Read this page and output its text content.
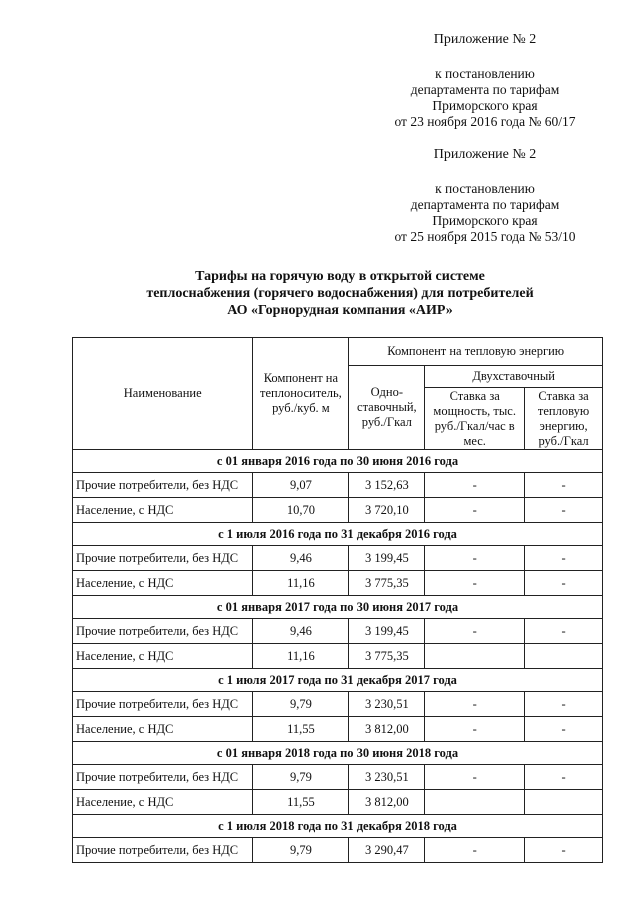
Приложение № 2
к постановлению
департамента по тарифам
Приморского края
от 23 ноября 2016 года № 60/17
Приложение № 2
к постановлению
департамента по тарифам
Приморского края
от 25 ноября 2015 года № 53/10
Тарифы на горячую воду в открытой системе
теплоснабжения (горячего водоснабжения) для потребителей
АО «Горнорудная компания «АИР»
Наименование	Компонент на теплоноситель, руб./куб. м	Компонент на тепловую энергию		
		Одно-ставочный, руб./Гкал	Двухставочный	
			Ставка за мощность, тыс. руб./Гкал/час в мес.	Ставка за тепловую энергию, руб./Гкал
с 01 января 2016 года по 30 июня 2016 года				
Прочие потребители, без НДС	9,07	3 152,63	-	-
Население, с НДС	10,70	3 720,10	-	-
с 1 июля 2016 года по 31 декабря 2016 года				
Прочие потребители, без НДС	9,46	3 199,45	-	-
Население, с НДС	11,16	3 775,35	-	-
с 01 января 2017 года по 30 июня 2017 года				
Прочие потребители, без НДС	9,46	3 199,45	-	-
Население, с НДС	11,16	3 775,35		
с 1 июля 2017 года по 31 декабря 2017 года				
Прочие потребители, без НДС	9,79	3 230,51	-	-
Население, с НДС	11,55	3 812,00	-	-
с 01 января 2018 года по 30 июня 2018 года				
Прочие потребители, без НДС	9,79	3 230,51	-	-
Население, с НДС	11,55	3 812,00		
с 1 июля 2018 года по 31 декабря 2018 года				
Прочие потребители, без НДС	9,79	3 290,47	-	-
